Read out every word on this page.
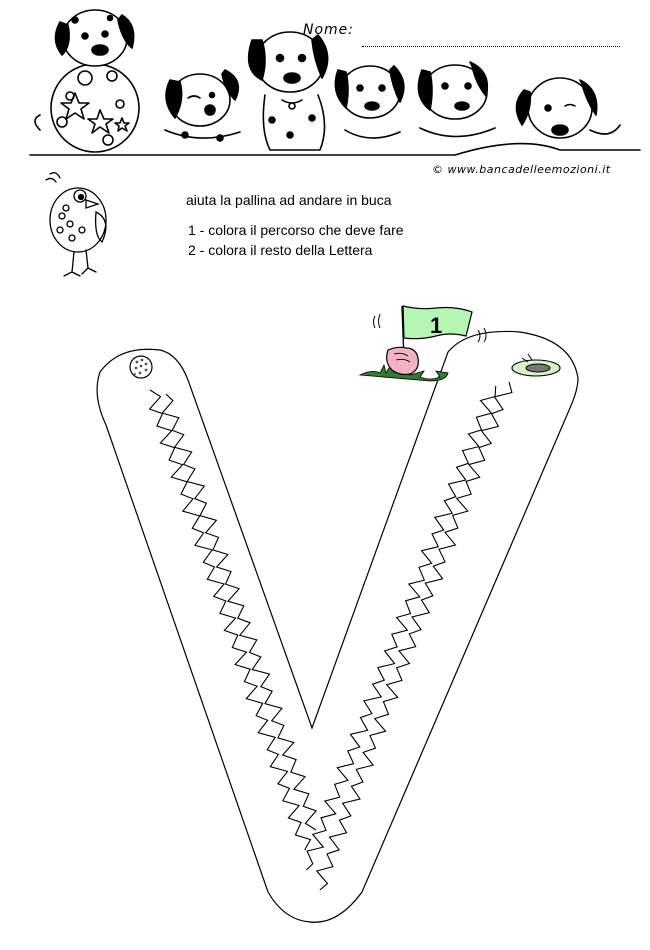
Nome:
© www.bancadelleemozioni.it
aiuta la pallina ad andare in buca
1 - colora il percorso che deve fare
2 - colora il resto della Lettera
1
